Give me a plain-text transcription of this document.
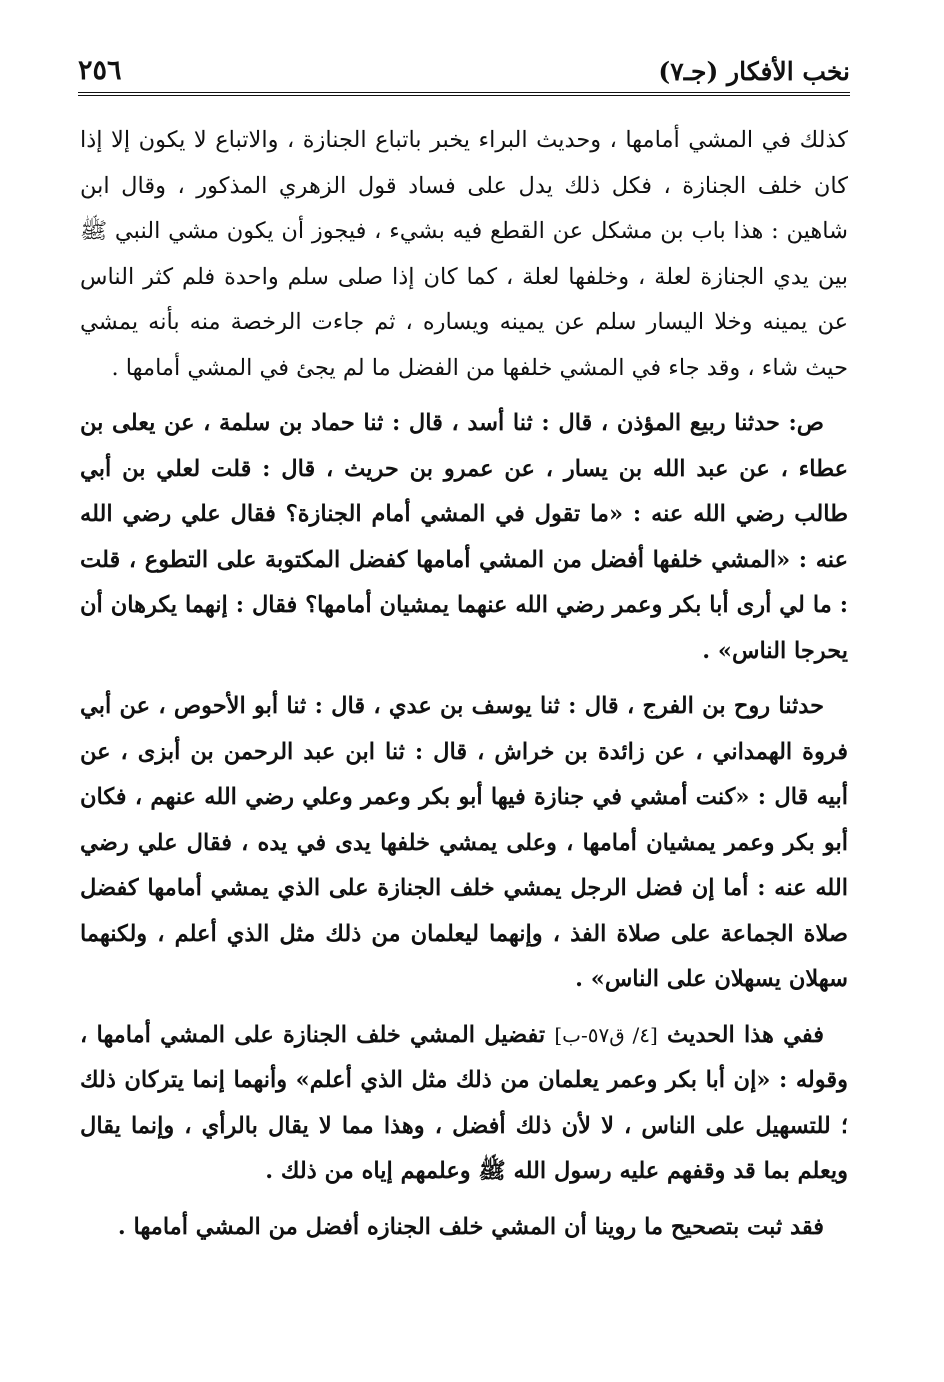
نخب الأفكار (جـ٧)
٢٥٦

كذلك في المشي أمامها ، وحديث البراء يخبر باتباع الجنازة ، والاتباع لا يكون إلا إذا كان خلف الجنازة ، فكل ذلك يدل على فساد قول الزهري المذكور ، وقال ابن شاهين : هذا باب بن مشكل عن القطع فيه بشيء ، فيجوز أن يكون مشي النبي ﷺ بين يدي الجنازة لعلة ، وخلفها لعلة ، كما كان إذا صلى سلم واحدة فلم كثر الناس عن يمينه وخلا اليسار سلم عن يمينه ويساره ، ثم جاءت الرخصة منه بأنه يمشي حيث شاء ، وقد جاء في المشي خلفها من الفضل ما لم يجئ في المشي أمامها .

ص: حدثنا ربيع المؤذن ، قال : ثنا أسد ، قال : ثنا حماد بن سلمة ، عن يعلى بن عطاء ، عن عبد الله بن يسار ، عن عمرو بن حريث ، قال : قلت لعلي بن أبي طالب رضي الله عنه : «ما تقول في المشي أمام الجنازة؟ فقال علي رضي الله عنه : «المشي خلفها أفضل من المشي أمامها كفضل المكتوبة على التطوع ، قلت : ما لي أرى أبا بكر وعمر رضي الله عنهما يمشيان أمامها؟ فقال : إنهما يكرهان أن يحرجا الناس» .

حدثنا روح بن الفرج ، قال : ثنا يوسف بن عدي ، قال : ثنا أبو الأحوص ، عن أبي فروة الهمداني ، عن زائدة بن خراش ، قال : ثنا ابن عبد الرحمن بن أبزى ، عن أبيه قال : «كنت أمشي في جنازة فيها أبو بكر وعمر وعلي رضي الله عنهم ، فكان أبو بكر وعمر يمشيان أمامها ، وعلى يمشي خلفها يدى في يده ، فقال علي رضي الله عنه : أما إن فضل الرجل يمشي خلف الجنازة على الذي يمشي أمامها كفضل صلاة الجماعة على صلاة الفذ ، وإنهما ليعلمان من ذلك مثل الذي أعلم ، ولكنهما سهلان يسهلان على الناس» .

ففي هذا الحديث [٤/ ق٥٧-ب] تفضيل المشي خلف الجنازة على المشي أمامها ، وقوله : «إن أبا بكر وعمر يعلمان من ذلك مثل الذي أعلم» وأنهما إنما يتركان ذلك ؛ للتسهيل على الناس ، لا لأن ذلك أفضل ، وهذا مما لا يقال بالرأي ، وإنما يقال ويعلم بما قد وقفهم عليه رسول الله ﷺ وعلمهم إياه من ذلك .

فقد ثبت بتصحيح ما روينا أن المشي خلف الجنازه أفضل من المشي أمامها .
